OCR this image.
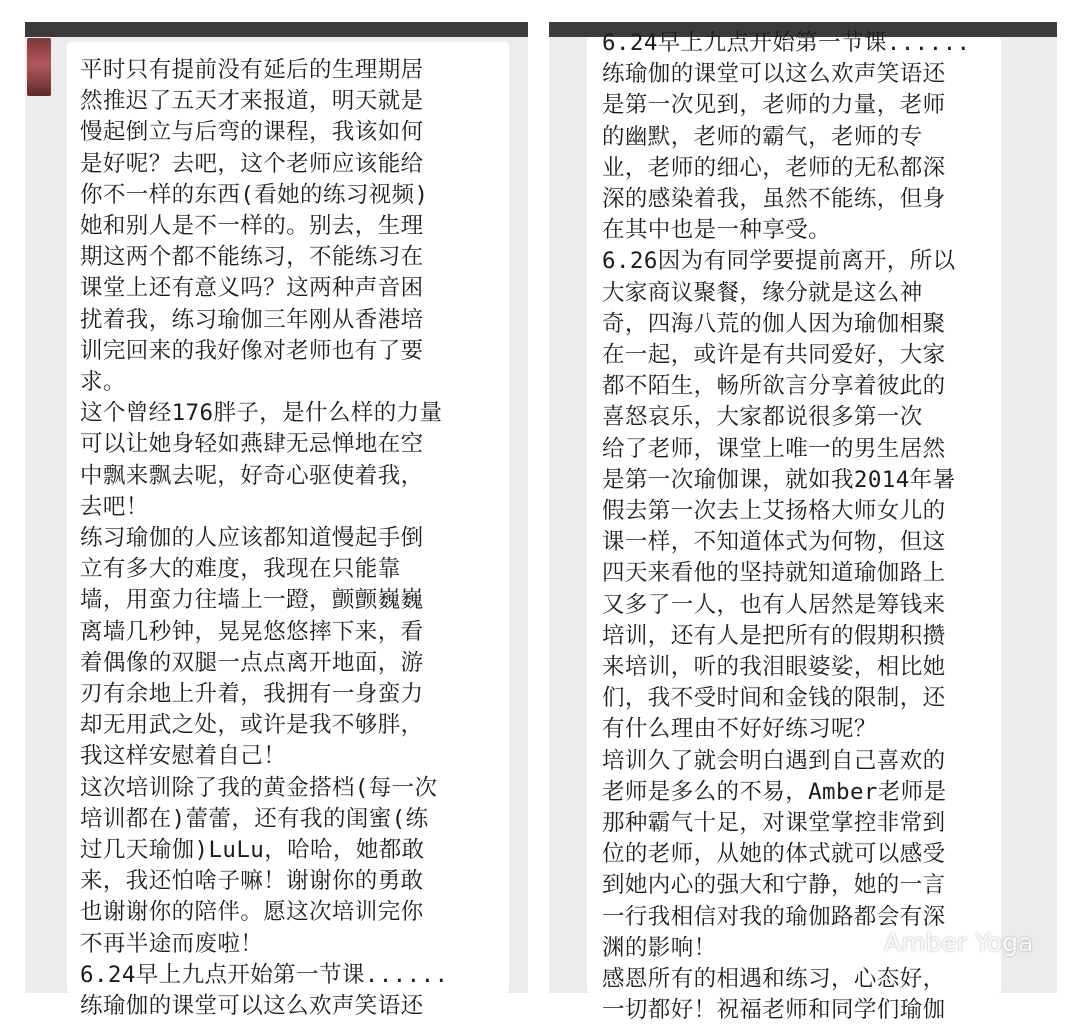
平时只有提前没有延后的生理期居
然推迟了五天才来报道，明天就是
慢起倒立与后弯的课程，我该如何
是好呢？去吧，这个老师应该能给
你不一样的东西(看她的练习视频)
她和别人是不一样的。别去，生理
期这两个都不能练习，不能练习在
课堂上还有意义吗？这两种声音困
扰着我，练习瑜伽三年刚从香港培
训完回来的我好像对老师也有了要
求。
这个曾经176胖子，是什么样的力量
可以让她身轻如燕肆无忌惮地在空
中飘来飘去呢，好奇心驱使着我，
去吧！
练习瑜伽的人应该都知道慢起手倒
立有多大的难度，我现在只能靠
墙，用蛮力往墙上一蹬，颤颤巍巍
离墙几秒钟，晃晃悠悠摔下来，看
着偶像的双腿一点点离开地面，游
刃有余地上升着，我拥有一身蛮力
却无用武之处，或许是我不够胖，
我这样安慰着自己！
这次培训除了我的黄金搭档(每一次
培训都在)蕾蕾，还有我的闺蜜(练
过几天瑜伽)LuLu，哈哈，她都敢
来，我还怕啥子嘛！谢谢你的勇敢
也谢谢你的陪伴。愿这次培训完你
不再半途而废啦！
6.24早上九点开始第一节课......
练瑜伽的课堂可以这么欢声笑语还
6.24早上九点开始第一节课......
练瑜伽的课堂可以这么欢声笑语还
是第一次见到，老师的力量，老师
的幽默，老师的霸气，老师的专
业，老师的细心，老师的无私都深
深的感染着我，虽然不能练，但身
在其中也是一种享受。
6.26因为有同学要提前离开，所以
大家商议聚餐，缘分就是这么神
奇，四海八荒的伽人因为瑜伽相聚
在一起，或许是有共同爱好，大家
都不陌生，畅所欲言分享着彼此的
喜怒哀乐，大家都说很多第一次
给了老师，课堂上唯一的男生居然
是第一次瑜伽课，就如我2014年暑
假去第一次去上艾扬格大师女儿的
课一样，不知道体式为何物，但这
四天来看他的坚持就知道瑜伽路上
又多了一人，也有人居然是筹钱来
培训，还有人是把所有的假期积攒
来培训，听的我泪眼婆娑，相比她
们，我不受时间和金钱的限制，还
有什么理由不好好练习呢？
培训久了就会明白遇到自己喜欢的
老师是多么的不易，Amber老师是
那种霸气十足，对课堂掌控非常到
位的老师，从她的体式就可以感受
到她内心的强大和宁静，她的一言
一行我相信对我的瑜伽路都会有深
渊的影响！
感恩所有的相遇和练习，心态好，
一切都好！祝福老师和同学们瑜伽
Amber Yoga
